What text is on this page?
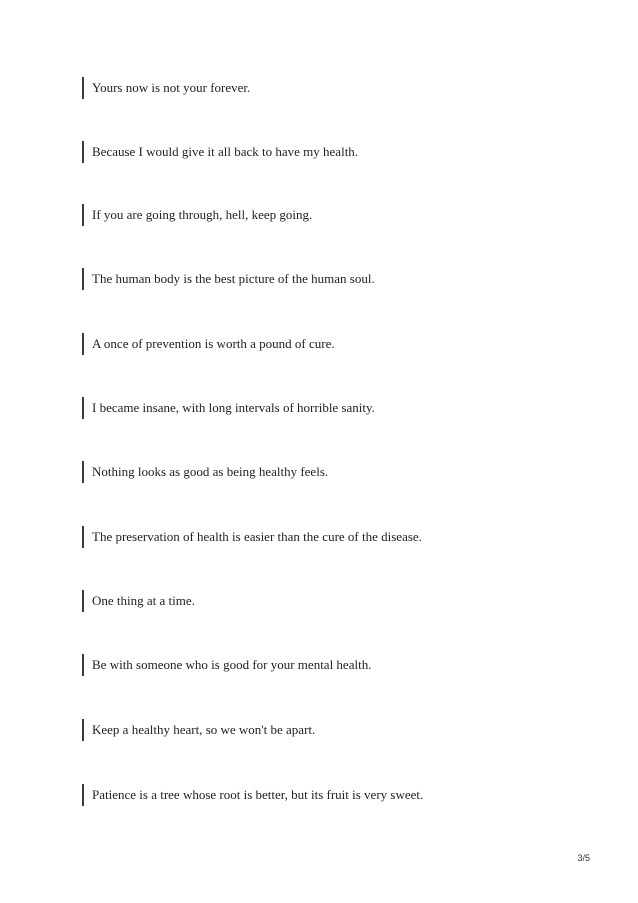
Yours now is not your forever.
Because I would give it all back to have my health.
If you are going through, hell, keep going.
The human body is the best picture of the human soul.
A once of prevention is worth a pound of cure.
I became insane, with long intervals of horrible sanity.
Nothing looks as good as being healthy feels.
The preservation of health is easier than the cure of the disease.
One thing at a time.
Be with someone who is good for your mental health.
Keep a healthy heart, so we won't be apart.
Patience is a tree whose root is better, but its fruit is very sweet.
3/5
